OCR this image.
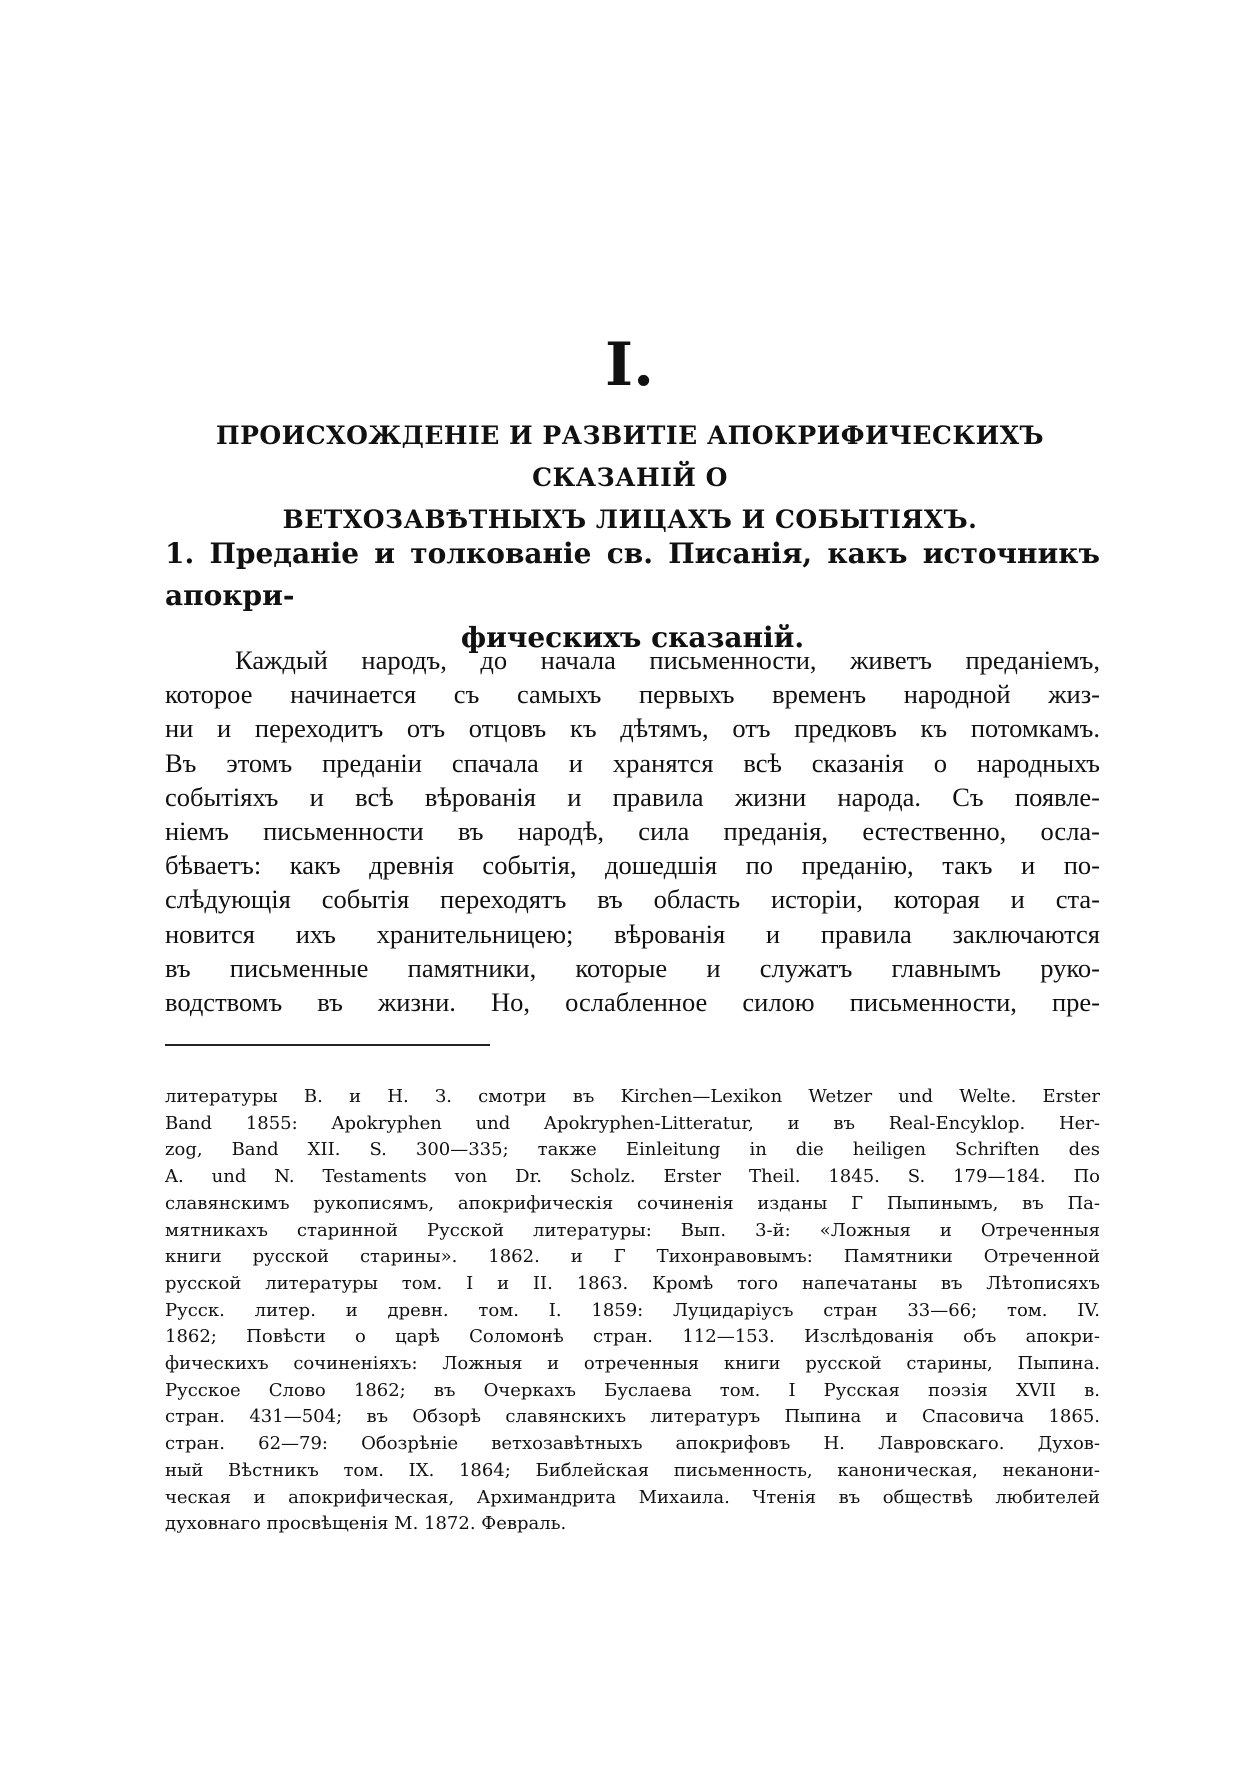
I.
ПРОИСХОЖДЕНІЕ И РАЗВИТІЕ АПОКРИФИЧЕСКИХЪ СКАЗАНІЙ О
ВЕТХОЗАВѢТНЫХЪ ЛИЦАХЪ И СОБЫТІЯХЪ.
1. Преданіе и толкованіе св. Писанія, какъ источникъ апокри-
фическихъ сказаній.
Каждый народъ, до начала письменности, живетъ преданіемъ,
которое начинается съ самыхъ первыхъ временъ народной жиз-
ни и переходитъ отъ отцовъ къ дѣтямъ, отъ предковъ къ потомкамъ.
Въ этомъ преданіи спачала и хранятся всѣ сказанія о народныхъ
событіяхъ и всѣ вѣрованія и правила жизни народа. Съ появле-
ніемъ письменности въ народѣ, сила преданія, естественно, осла-
бѣваетъ: какъ древнія событія, дошедшія по преданію, такъ и по-
слѣдующія событія переходятъ въ область исторіи, которая и ста-
новится ихъ хранительницею; вѣрованія и правила заключаются
въ письменные памятники, которые и служатъ главнымъ руко-
водствомъ въ жизни. Но, ослабленное силою письменности, пре-
литературы В. и Н. З. смотри въ Kirchen—Lexikon Wetzer und Welte. Erster
Band 1855: Apokryphen und Apokryphen-Litteratur, и въ Real-Encyklop. Her-
zog, Band XII. S. 300—335; также Einleitung in die heiligen Schriften des
A. und N. Testaments von Dr. Scholz. Erster Theil. 1845. S. 179—184. По
славянскимъ рукописямъ, апокрифическія сочиненія изданы Г Пыпинымъ, въ Па-
мятникахъ старинной Русской литературы: Вып. 3-й: «Ложныя и Отреченныя
книги русской старины». 1862. и Г Тихонравовымъ: Памятники Отреченной
русской литературы том. I и II. 1863. Кромѣ того напечатаны въ Лѣтописяхъ
Русск. литер. и древн. том. I. 1859: Луцидаріусъ стран 33—66; том. IV.
1862; Повѣсти о царѣ Соломонѣ стран. 112—153. Изслѣдованія объ апокри-
фическихъ сочиненіяхъ: Ложныя и отреченныя книги русской старины, Пыпина.
Русское Слово 1862; въ Очеркахъ Буслаева том. I Русская поэзія XVII в.
стран. 431—504; въ Обзорѣ славянскихъ литературъ Пыпина и Спасовича 1865.
стран. 62—79: Обозрѣніе ветхозавѣтныхъ апокрифовъ Н. Лавровскаго. Духов-
ный Вѣстникъ том. IX. 1864; Библейская письменность, каноническая, неканони-
ческая и апокрифическая, Архимандрита Михаила. Чтенія въ обществѣ любителей
духовнаго просвѣщенія М. 1872. Февраль.
